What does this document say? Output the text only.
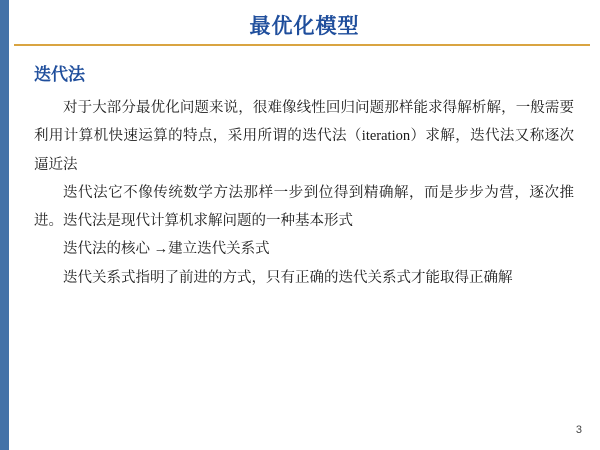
最优化模型
迭代法

对于大部分最优化问题来说，很难像线性回归问题那样能求得解析解，一般需要利用计算机快速运算的特点，采用所谓的迭代法（iteration）求解，迭代法又称逐次逼近法

迭代法它不像传统数学方法那样一步到位得到精确解，而是步步为营，逐次推进。迭代法是现代计算机求解问题的一种基本形式

迭代法的核心 →建立迭代关系式

迭代关系式指明了前进的方式，只有正确的迭代关系式才能取得正确解

3
